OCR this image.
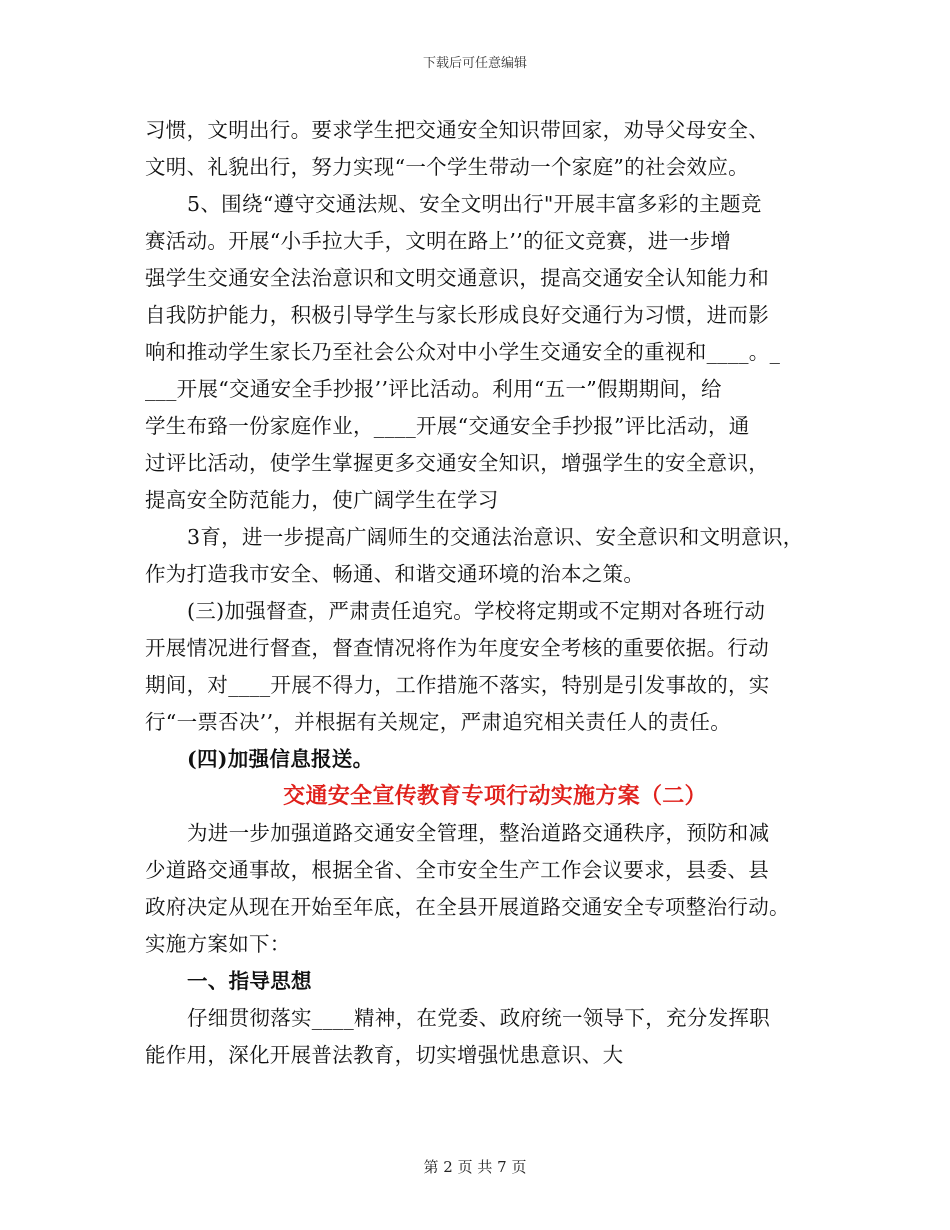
下载后可任意编辑
习惯，文明出行。要求学生把交通安全知识带回家，劝导父母安全、
文明、礼貌出行，努力实现“一个学生带动一个家庭”的社会效应。
5、围绕“遵守交通法规、安全文明出行"开展丰富多彩的主题竞
赛活动。开展“小手拉大手，文明在路上’’的征文竞赛，进一步增
强学生交通安全法治意识和文明交通意识，提高交通安全认知能力和
自我防护能力，积极引导学生与家长形成良好交通行为习惯，进而影
响和推动学生家长乃至社会公众对中小学生交通安全的重视和____。_
___开展“交通安全手抄报’’评比活动。利用“五一”假期期间，给
学生布臵一份家庭作业，____开展“交通安全手抄报”评比活动，通
过评比活动，使学生掌握更多交通安全知识，增强学生的安全意识，
提高安全防范能力，使广阔学生在学习
3育，进一步提高广阔师生的交通法治意识、安全意识和文明意识，
作为打造我市安全、畅通、和谐交通环境的治本之策。
(三)加强督查，严肃责任追究。学校将定期或不定期对各班行动
开展情况进行督查，督查情况将作为年度安全考核的重要依据。行动
期间，对____开展不得力，工作措施不落实，特别是引发事故的，实
行“一票否决’’，并根据有关规定，严肃追究相关责任人的责任。
(四)加强信息报送。
交通安全宣传教育专项行动实施方案（二）
为进一步加强道路交通安全管理，整治道路交通秩序，预防和减
少道路交通事故，根据全省、全市安全生产工作会议要求，县委、县
政府决定从现在开始至年底，在全县开展道路交通安全专项整治行动。
实施方案如下：
一、指导思想
仔细贯彻落实____精神，在党委、政府统一领导下，充分发挥职
能作用，深化开展普法教育，切实增强忧患意识、大
第 2 页 共 7 页
